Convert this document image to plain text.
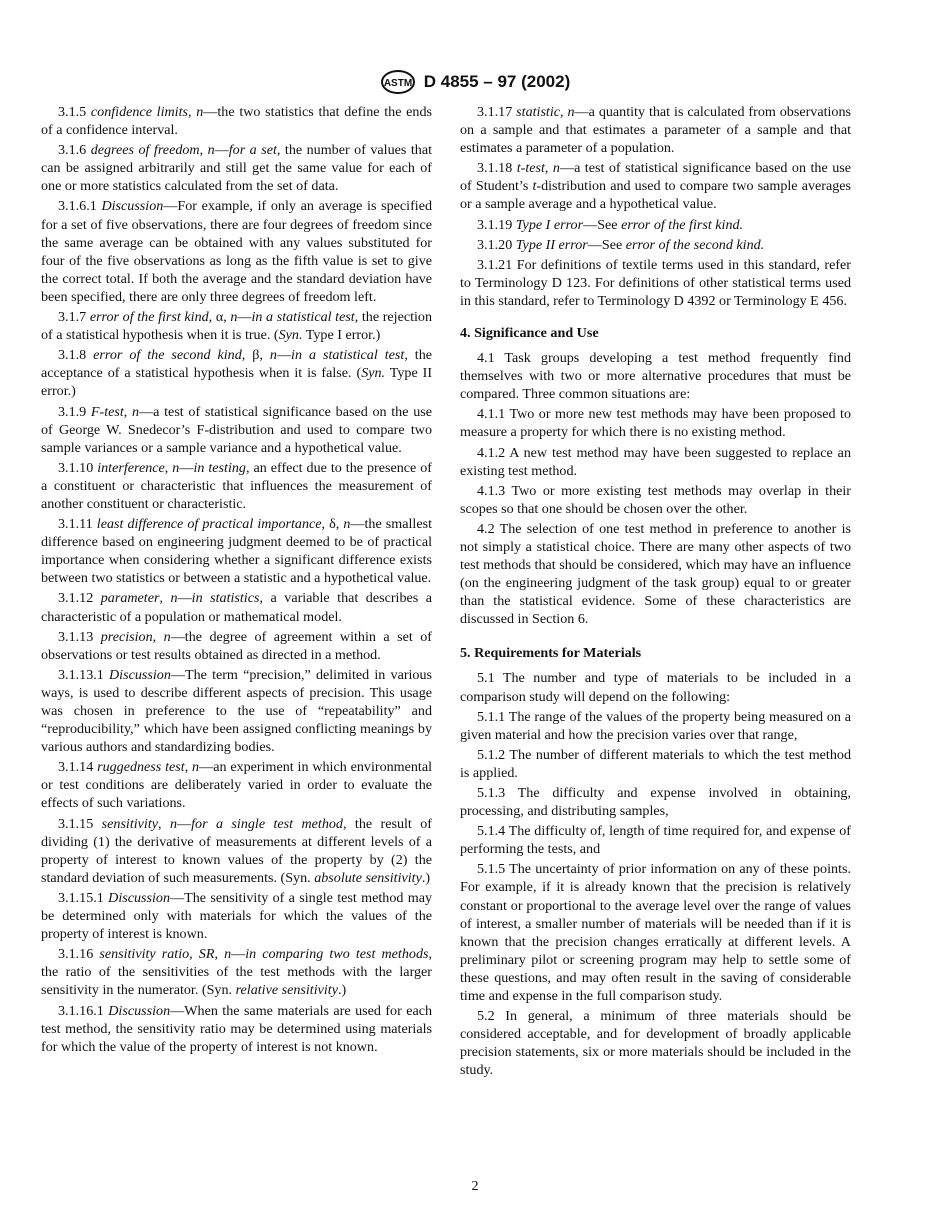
ASTM D 4855 – 97 (2002)

3.1.5 confidence limits, n—the two statistics that define the ends of a confidence interval.

3.1.6 degrees of freedom, n—for a set, the number of values that can be assigned arbitrarily and still get the same value for each of one or more statistics calculated from the set of data.

3.1.6.1 Discussion—For example, if only an average is specified for a set of five observations, there are four degrees of freedom since the same average can be obtained with any values substituted for four of the five observations as long as the fifth value is set to give the correct total. If both the average and the standard deviation have been specified, there are only three degrees of freedom left.

3.1.7 error of the first kind, α, n—in a statistical test, the rejection of a statistical hypothesis when it is true. (Syn. Type I error.)

3.1.8 error of the second kind, β, n—in a statistical test, the acceptance of a statistical hypothesis when it is false. (Syn. Type II error.)

3.1.9 F-test, n—a test of statistical significance based on the use of George W. Snedecor’s F-distribution and used to compare two sample variances or a sample variance and a hypothetical value.

3.1.10 interference, n—in testing, an effect due to the presence of a constituent or characteristic that influences the measurement of another constituent or characteristic.

3.1.11 least difference of practical importance, δ, n—the smallest difference based on engineering judgment deemed to be of practical importance when considering whether a significant difference exists between two statistics or between a statistic and a hypothetical value.

3.1.12 parameter, n—in statistics, a variable that describes a characteristic of a population or mathematical model.

3.1.13 precision, n—the degree of agreement within a set of observations or test results obtained as directed in a method.

3.1.13.1 Discussion—The term “precision,” delimited in various ways, is used to describe different aspects of precision. This usage was chosen in preference to the use of “repeatability” and “reproducibility,” which have been assigned conflicting meanings by various authors and standardizing bodies.

3.1.14 ruggedness test, n—an experiment in which environmental or test conditions are deliberately varied in order to evaluate the effects of such variations.

3.1.15 sensitivity, n—for a single test method, the result of dividing (1) the derivative of measurements at different levels of a property of interest to known values of the property by (2) the standard deviation of such measurements. (Syn. absolute sensitivity.)

3.1.15.1 Discussion—The sensitivity of a single test method may be determined only with materials for which the values of the property of interest is known.

3.1.16 sensitivity ratio, SR, n—in comparing two test methods, the ratio of the sensitivities of the test methods with the larger sensitivity in the numerator. (Syn. relative sensitivity.)

3.1.16.1 Discussion—When the same materials are used for each test method, the sensitivity ratio may be determined using materials for which the value of the property of interest is not known.

3.1.17 statistic, n—a quantity that is calculated from observations on a sample and that estimates a parameter of a sample and that estimates a parameter of a population.

3.1.18 t-test, n—a test of statistical significance based on the use of Student’s t-distribution and used to compare two sample averages or a sample average and a hypothetical value.

3.1.19 Type I error—See error of the first kind.

3.1.20 Type II error—See error of the second kind.

3.1.21 For definitions of textile terms used in this standard, refer to Terminology D 123. For definitions of other statistical terms used in this standard, refer to Terminology D 4392 or Terminology E 456.

4. Significance and Use

4.1 Task groups developing a test method frequently find themselves with two or more alternative procedures that must be compared. Three common situations are:

4.1.1 Two or more new test methods may have been proposed to measure a property for which there is no existing method.

4.1.2 A new test method may have been suggested to replace an existing test method.

4.1.3 Two or more existing test methods may overlap in their scopes so that one should be chosen over the other.

4.2 The selection of one test method in preference to another is not simply a statistical choice. There are many other aspects of two test methods that should be considered, which may have an influence (on the engineering judgment of the task group) equal to or greater than the statistical evidence. Some of these characteristics are discussed in Section 6.

5. Requirements for Materials

5.1 The number and type of materials to be included in a comparison study will depend on the following:

5.1.1 The range of the values of the property being measured on a given material and how the precision varies over that range,

5.1.2 The number of different materials to which the test method is applied.

5.1.3 The difficulty and expense involved in obtaining, processing, and distributing samples,

5.1.4 The difficulty of, length of time required for, and expense of performing the tests, and

5.1.5 The uncertainty of prior information on any of these points. For example, if it is already known that the precision is relatively constant or proportional to the average level over the range of values of interest, a smaller number of materials will be needed than if it is known that the precision changes erratically at different levels. A preliminary pilot or screening program may help to settle some of these questions, and may often result in the saving of considerable time and expense in the full comparison study.

5.2 In general, a minimum of three materials should be considered acceptable, and for development of broadly applicable precision statements, six or more materials should be included in the study.

2
